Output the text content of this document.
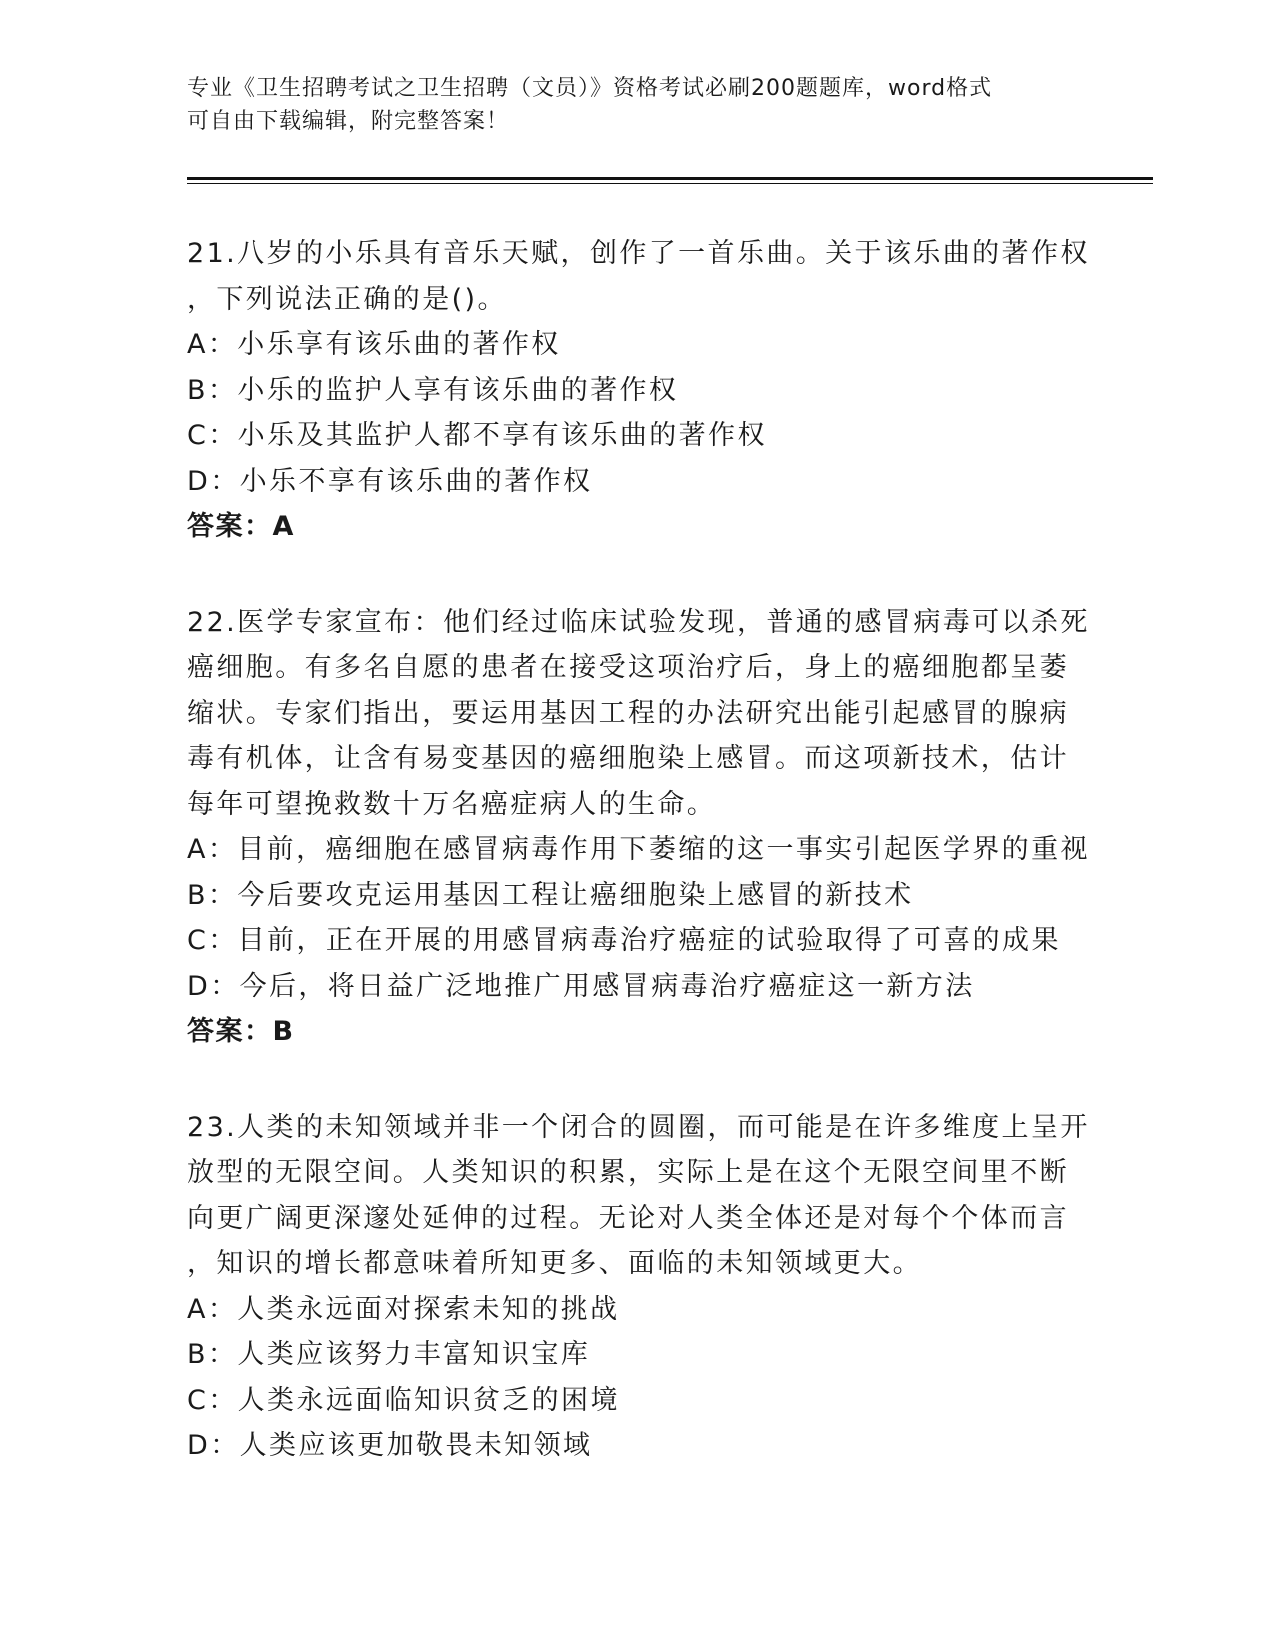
专业《卫生招聘考试之卫生招聘（文员）》资格考试必刷200题题库，word格式
可自由下载编辑，附完整答案！
21.八岁的小乐具有音乐天赋，创作了一首乐曲。关于该乐曲的著作权
，下列说法正确的是()。
A：小乐享有该乐曲的著作权
B：小乐的监护人享有该乐曲的著作权
C：小乐及其监护人都不享有该乐曲的著作权
D：小乐不享有该乐曲的著作权
答案：A
22.医学专家宣布：他们经过临床试验发现，普通的感冒病毒可以杀死
癌细胞。有多名自愿的患者在接受这项治疗后，身上的癌细胞都呈萎
缩状。专家们指出，要运用基因工程的办法研究出能引起感冒的腺病
毒有机体，让含有易变基因的癌细胞染上感冒。而这项新技术，估计
每年可望挽救数十万名癌症病人的生命。
A：目前，癌细胞在感冒病毒作用下萎缩的这一事实引起医学界的重视
B：今后要攻克运用基因工程让癌细胞染上感冒的新技术
C：目前，正在开展的用感冒病毒治疗癌症的试验取得了可喜的成果
D：今后，将日益广泛地推广用感冒病毒治疗癌症这一新方法
答案：B
23.人类的未知领域并非一个闭合的圆圈，而可能是在许多维度上呈开
放型的无限空间。人类知识的积累，实际上是在这个无限空间里不断
向更广阔更深邃处延伸的过程。无论对人类全体还是对每个个体而言
，知识的增长都意味着所知更多、面临的未知领域更大。
A：人类永远面对探索未知的挑战
B：人类应该努力丰富知识宝库
C：人类永远面临知识贫乏的困境
D：人类应该更加敬畏未知领域
